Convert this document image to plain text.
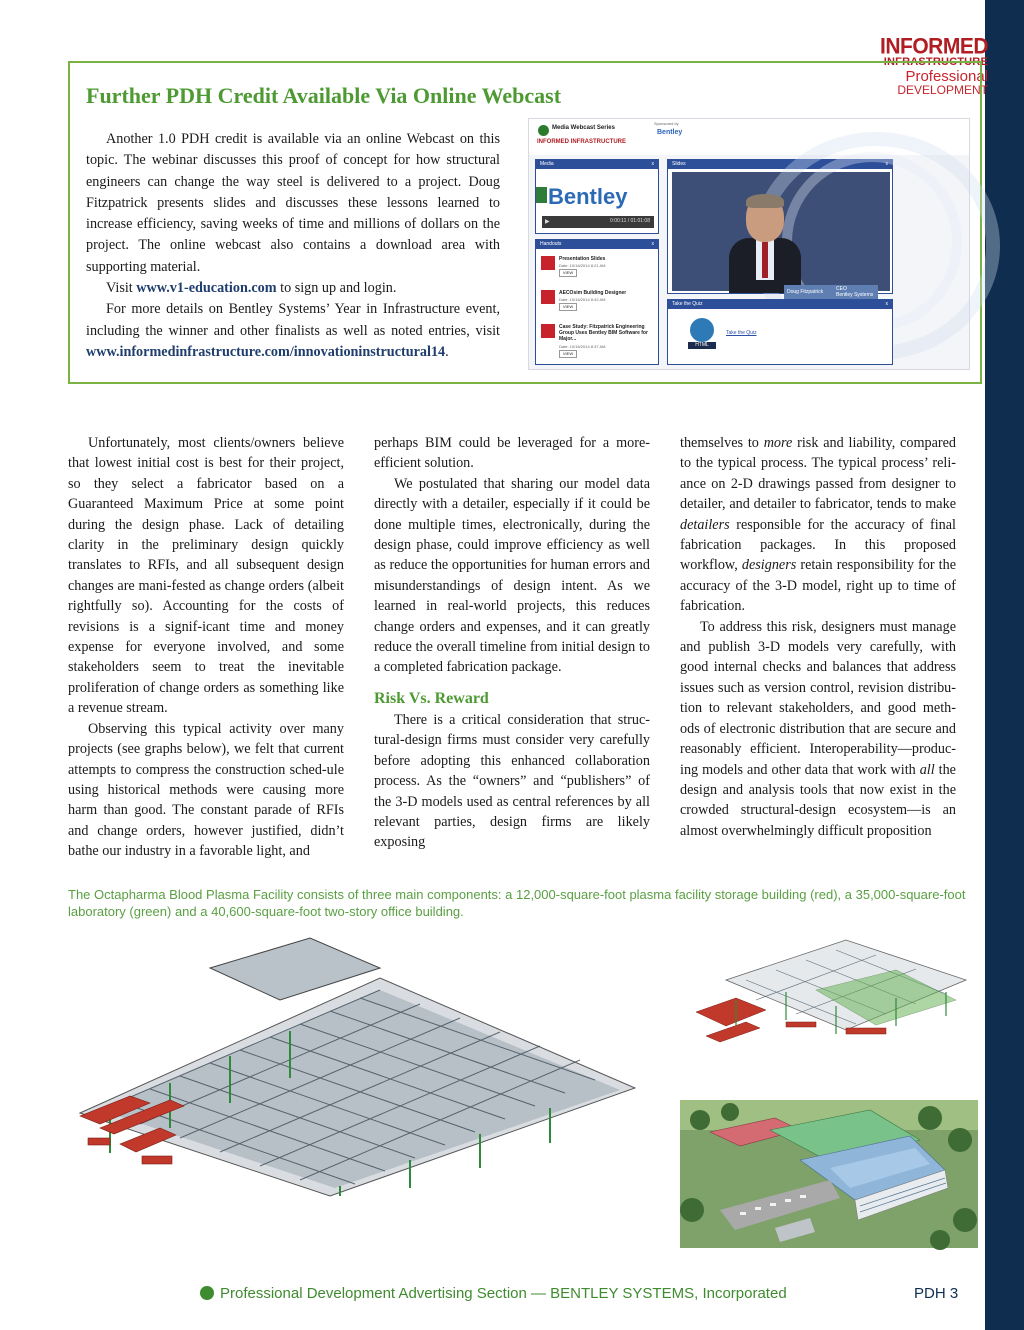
INFORMED
INFRASTRUCTURE
Professional
DEVELOPMENT
Further PDH Credit Available Via Online Webcast

Another 1.0 PDH credit is available via an online Webcast on this topic. The webinar discusses this proof of concept for how structural engineers can change the way steel is delivered to a project. Doug Fitzpatrick presents slides and discusses these lessons learned to increase efficiency, saving weeks of time and millions of dollars on the project. The online webcast also contains a download area with supporting material.

Visit www.v1-education.com to sign up and login.

For more details on Bentley Systems’ Year in Infrastructure event, including the winner and other finalists as well as noted entries, visit www.informedinfrastructure.com/innovationinstructural14.

Media Webcast Series
INFORMED INFRASTRUCTURE
Sponsored by
Bentley
Media	x
Bentley
▶	0:00:11 / 01:01:08
Handouts	x
Presentation Slides
Date: 10/16/2014 8:21 AM
VIEW
AECOsim Building Designer
Date: 10/16/2014 8:42 AM
VIEW
Case Study: Fitzpatrick Engineering Group Uses Bentley BIM Software for Major...
Date: 10/16/2014 8:37 AM
VIEW
Slides	x
Doug Fitzpatrick	CEO
Bentley Systems
Take the Quiz	x
HTML
Take the Quiz

Unfortunately, most clients/owners believe that lowest initial cost is best for their project, so they select a fabricator based on a Guaranteed Maximum Price at some point during the design phase. Lack of detailing clarity in the preliminary design quickly translates to RFIs, and all subsequent design changes are mani-fested as change orders (albeit rightfully so). Accounting for the costs of revisions is a signif-icant time and money expense for everyone involved, and some stakeholders seem to treat the inevitable proliferation of change orders as something like a revenue stream.

Observing this typical activity over many projects (see graphs below), we felt that current attempts to compress the construction sched-ule using historical methods were causing more harm than good. The constant parade of RFIs and change orders, however justified, didn’t bathe our industry in a favorable light, and

perhaps BIM could be leveraged for a more-efficient solution.

We postulated that sharing our model data directly with a detailer, especially if it could be done multiple times, electronically, during the design phase, could improve efficiency as well as reduce the opportunities for human errors and misunderstandings of design intent. As we learned in real-world projects, this reduces change orders and expenses, and it can greatly reduce the overall timeline from initial design to a completed fabrication package.

Risk Vs. Reward

There is a critical consideration that struc-tural-design firms must consider very carefully before adopting this enhanced collaboration process. As the “owners” and “publishers” of the 3-D models used as central references by all relevant parties, design firms are likely exposing

themselves to more risk and liability, compared to the typical process. The typical process’ reli-ance on 2-D drawings passed from designer to detailer, and detailer to fabricator, tends to make detailers responsible for the accuracy of final fabrication packages. In this proposed workflow, designers retain responsibility for the accuracy of the 3-D model, right up to time of fabrication.

To address this risk, designers must manage and publish 3-D models very carefully, with good internal checks and balances that address issues such as version control, revision distribu-tion to relevant stakeholders, and good meth-ods of electronic distribution that are secure and reasonably efficient. Interoperability—produc-ing models and other data that work with all the design and analysis tools that now exist in the crowded structural-design ecosystem—is an almost overwhelmingly difficult proposition

The Octapharma Blood Plasma Facility consists of three main components: a 12,000-square-foot plasma facility storage building (red), a 35,000-square-foot laboratory (green) and a 40,600-square-foot two-story office building.
Professional Development Advertising Section — BENTLEY SYSTEMS, Incorporated	PDH 3
